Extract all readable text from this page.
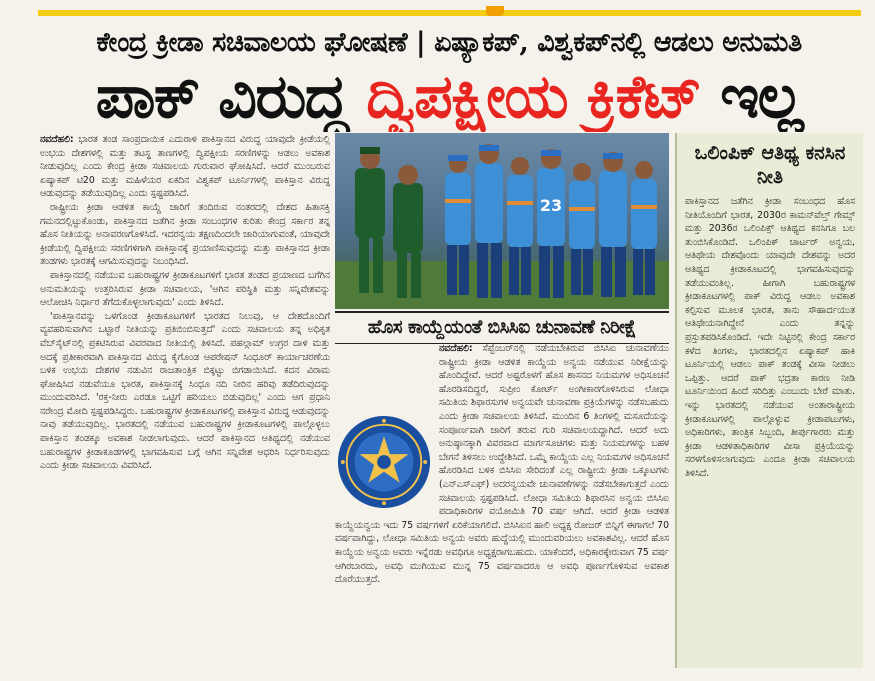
ಕೇಂದ್ರ ಕ್ರೀಡಾ ಸಚಿವಾಲಯ ಘೋಷಣೆ | ಏಷ್ಯಾಕಪ್, ವಿಶ್ವಕಪ್‌ನಲ್ಲಿ ಆಡಲು ಅನುಮತಿ
ಪಾಕ್ ವಿರುದ್ಧ ದ್ವಿಪಕ್ಷೀಯ ಕ್ರಿಕೆಟ್ ಇಲ್ಲ

ನವದೆಹಲಿ: ಭಾರತ ತಂಡ ಸಾಂಪ್ರದಾಯಿಕ ಎದುರಾಳಿ ಪಾಕಿಸ್ತಾನದ ವಿರುದ್ಧ ಯಾವುದೇ ಕ್ರೀಡೆಯಲ್ಲಿ ಉಭಯ ದೇಶಗಳಲ್ಲಿ ಮತ್ತು ತಟಸ್ಥ ತಾಣಗಳಲ್ಲಿ ದ್ವಿಪಕ್ಷೀಯ ಸರಣಿಗಳನ್ನು ಆಡಲು ಅವಕಾಶ ನೀಡುವುದಿಲ್ಲ ಎಂದು ಕೇಂದ್ರ ಕ್ರೀಡಾ ಸಚಿವಾಲಯ ಗುರುವಾರ ಘೋಷಿಸಿದೆ. ಆದರೆ ಮುಂಬರುವ ಏಷ್ಯಾಕಪ್ ಟಿ20 ಮತ್ತು ಮಹಿಳೆಯರ ಏಕದಿನ ವಿಶ್ವಕಪ್ ಟೂರ್ನಿಗಳಲ್ಲಿ ಪಾಕಿಸ್ತಾನ ವಿರುದ್ಧ ಆಡುವುದನ್ನು ತಡೆಯುವುದಿಲ್ಲ ಎಂದು ಸ್ಪಷ್ಟಪಡಿಸಿದೆ.

ರಾಷ್ಟ್ರೀಯ ಕ್ರೀಡಾ ಆಡಳಿತ ಕಾಯ್ದೆ ಜಾರಿಗೆ ತಂದಿರುವ ನಂತರದಲ್ಲಿ ದೇಶದ ಹಿತಾಸಕ್ತಿ ಗಮನದಲ್ಲಿಟ್ಟುಕೊಂಡು, ಪಾಕಿಸ್ತಾನದ ಜತೆಗಿನ ಕ್ರೀಡಾ ಸಂಬಂಧಗಳ ಕುರಿತು ಕೇಂದ್ರ ಸರ್ಕಾರ ತನ್ನ ಹೊಸ ನೀತಿಯನ್ನು ಅನಾವರಣಗೊಳಿಸಿದೆ. ಇದರನ್ವಯ ತಕ್ಷಣದಿಂದಲೇ ಜಾರಿಯಾಗುವಂತೆ, ಯಾವುದೇ ಕ್ರೀಡೆಯಲ್ಲಿ ದ್ವಿಪಕ್ಷೀಯ ಸರಣಿಗಳಿಗಾಗಿ ಪಾಕಿಸ್ತಾನಕ್ಕೆ ಪ್ರಯಾಣಿಸುವುದನ್ನು ಮತ್ತು ಪಾಕಿಸ್ತಾನದ ಕ್ರೀಡಾ ತಂಡಗಳು ಭಾರತಕ್ಕೆ ಆಗಮಿಸುವುದನ್ನು ನಿಬಂಧಿಸಿದೆ.

ಪಾಕಿಸ್ತಾನದಲ್ಲಿ ನಡೆಯುವ ಬಹುರಾಷ್ಟ್ರಗಳ ಕ್ರೀಡಾಕೂಟಗಳಿಗೆ ಭಾರತ ತಂಡದ ಪ್ರಯಾಣದ ಬಗೆಗಿನ ಅನುಮತಿಯನ್ನು ಉತ್ತರಿಸಿರುವ ಕ್ರೀಡಾ ಸಚಿವಾಲಯ, 'ಆಗಿನ ಪರಿಸ್ಥಿತಿ ಮತ್ತು ಸನ್ನಿವೇಶವನ್ನು ಆಲೋಚಿಸಿ ನಿರ್ಧಾರ ತೆಗೆದುಕೊಳ್ಳಲಾಗುವುದು' ಎಂದು ತಿಳಿಸಿದೆ.

'ಪಾಕಿಸ್ತಾನವನ್ನು ಒಳಗೊಂಡ ಕ್ರೀಡಾಕೂಟಗಳಿಗೆ ಭಾರತದ ನಿಲುವು, ಆ ದೇಶದೊಂದಿಗೆ ವ್ಯವಹರಿಸುವಾಗಿನ ಒಟ್ಟಾರೆ ನೀತಿಯನ್ನು ಪ್ರತಿಬಿಂಬಿಸುತ್ತದೆ' ಎಂದು ಸಚಿವಾಲಯ ತನ್ನ ಅಧಿಕೃತ ವೆಬ್‌ಸೈಟ್‌ನಲ್ಲಿ ಪ್ರಕಟಿಸಿರುವ ವಿವರವಾದ ನೀತಿಯಲ್ಲಿ ತಿಳಿಸಿದೆ. ಪಹಲ್ಗಾಮ್ ಉಗ್ರರ ದಾಳಿ ಮತ್ತು ಅದಕ್ಕೆ ಪ್ರತೀಕಾರವಾಗಿ ಪಾಕಿಸ್ತಾನದ ವಿರುದ್ಧ ಕೈಗೊಂಡ ಆಪರೇಷನ್ ಸಿಂಧೂರ್ ಕಾರ್ಯಾಚರಣೆಯ ಬಳಿಕ ಉಭಯ ದೇಶಗಳ ನಡುವಿನ ರಾಜತಾಂತ್ರಿಕ ಬಿಕ್ಕಟ್ಟು ಬಿಗಡಾಯಿಸಿದೆ. ಕದನ ವಿರಾಮ ಘೋಷಿಸಿದ ನಡುವೆಯೂ ಭಾರತ, ಪಾಕಿಸ್ತಾನಕ್ಕೆ ಸಿಂಧೂ ನದಿ ನೀರಿನ ಹರಿವು ತಡೆದಿರುವುದನ್ನು ಮುಂದುವರಿಸಿದೆ. 'ರಕ್ತ-ನೀರು ಎರಡೂ ಒಟ್ಟಿಗೆ ಹರಿಯಲು ಬಿಡುವುದಿಲ್ಲ' ಎಂದು ಆಗ ಪ್ರಧಾನಿ ನರೇಂದ್ರ ಮೋದಿ ಸ್ಪಷ್ಟಪಡಿಸಿದ್ದರು. ಬಹುರಾಷ್ಟ್ರಗಳ ಕ್ರೀಡಾಕೂಟಗಳಲ್ಲಿ ಪಾಕಿಸ್ತಾನ ವಿರುದ್ಧ ಆಡುವುದನ್ನು ನಾವು ತಡೆಯುವುದಿಲ್ಲ. ಭಾರತದಲ್ಲಿ ನಡೆಯುವ ಬಹುರಾಷ್ಟ್ರಗಳ ಕ್ರೀಡಾಕೂಟಗಳಲ್ಲಿ ಪಾಲ್ಗೊಳ್ಳಲು ಪಾಕಿಸ್ತಾನ ತಂಡಕ್ಕೂ ಅವಕಾಶ ನೀಡಲಾಗುವುದು. ಆದರೆ ಪಾಕಿಸ್ತಾನದ ಆತಿಥ್ಯದಲ್ಲಿ ನಡೆಯುವ ಬಹುರಾಷ್ಟ್ರಗಳ ಕ್ರೀಡಾಕೂಡಗಳಲ್ಲಿ ಭಾಗವಹಿಸುವ ಬಗ್ಗೆ ಆಗಿನ ಸನ್ನಿವೇಶ ಆಧರಿಸಿ ನಿರ್ಧರಿಸುವುದು ಎಂದು ಕ್ರೀಡಾ ಸಚಿವಾಲಯ ವಿವರಿಸಿದೆ.

23
ಹೊಸ ಕಾಯ್ದೆಯಂತೆ ಬಿಸಿಸಿಐ ಚುನಾವಣೆ ನಿರೀಕ್ಷೆ

ನವದೆಹಲಿ: ಸೆಪ್ಟೆಂಬರ್‌ನಲ್ಲಿ ನಡೆಯಬೇಕಿರುವ ಬಿಸಿಸಿಐ ಚುನಾವಣೆಯು ರಾಷ್ಟ್ರೀಯ ಕ್ರೀಡಾ ಆಡಳಿತ ಕಾಯ್ದೆಯ ಅನ್ವಯ ನಡೆಯುವ ನಿರೀಕ್ಷೆಯನ್ನು ಹೊಂದಿದ್ದೇವೆ. ಆದರೆ ಅಷ್ಟರೊಳಗೆ ಹೊಸ ಶಾಸನದ ನಿಯಮಗಳ ಅಧಿಸೂಚನೆ ಹೊರಡಿಸದಿದ್ದರೆ, ಸುಪ್ರೀಂ ಕೋರ್ಟ್ ಅಂಗೀಕಾರಗೊಳಿಸಿರುವ ಲೋಧಾ ಸಮಿತಿಯ ಶಿಫಾರಸುಗಳ ಅನ್ವಯವೇ ಚುನಾವಣಾ ಪ್ರಕ್ರಿಯೆಗಳನ್ನು ನಡೆಸಬಹುದು ಎಂದು ಕ್ರೀಡಾ ಸಚಿವಾಲಯ ತಿಳಿಸಿದೆ. ಮುಂದಿನ 6 ತಿಂಗಳಲ್ಲಿ ಮಸೂದೆಯನ್ನು ಸಂಪೂರ್ಣವಾಗಿ ಜಾರಿಗೆ ತರುವ ಗುರಿ ಸಚಿವಾಲಯದ್ದಾಗಿದೆ. ಆದರೆ ಅದು ಅನುಷ್ಠಾನಕ್ಕಾಗಿ ವಿವರವಾದ ಮಾರ್ಗಸೂಚಿಗಳು ಮತ್ತು ನಿಯಮಗಳನ್ನು ಬಹಳ ಬೇಗನೆ ತಿಳಿಸಲು ಉದ್ದೇಶಿಸಿದೆ. ಒಮ್ಮೆ ಕಾಯ್ದೆಯ ಎಲ್ಲ ನಿಯಮಗಳ ಅಧಿಸೂಚನೆ ಹೊರಡಿಸಿದ ಬಳಿಕ ಬಿಸಿಸಿಐ ಸೇರಿದಂತೆ ಎಲ್ಲ ರಾಷ್ಟ್ರೀಯ ಕ್ರೀಡಾ ಒಕ್ಕೂಟಗಳು (ಎನ್‌ಎಸ್‌ಎಫ್) ಅದರನ್ವಯವೇ ಚುನಾವಣೆಗಳನ್ನು ನಡೆಸಬೇಕಾಗುತ್ತದೆ ಎಂದು ಸಚಿವಾಲಯ ಸ್ಪಷ್ಟಪಡಿಸಿದೆ. ಲೋಧಾ ಸಮಿತಿಯ ಶಿಫಾರಸಿನ ಅನ್ವಯ ಬಿಸಿಸಿಐ ಪದಾಧಿಕಾರಿಗಳ ವಯೋಮಿತಿ 70 ವರ್ಷ ಆಗಿದೆ. ಆದರೆ ಕ್ರೀಡಾ ಆಡಳಿತ ಕಾಯ್ದೆಯನ್ವಯ ಇದು 75 ವರ್ಷಗಳಿಗೆ ಏರಿಕೆಯಾಗಲಿದೆ. ಬಿಸಿಸಿಐನ ಹಾಲಿ ಅಧ್ಯಕ್ಷ ರೋಜರ್ ಬಿನ್ನಿಗೆ ಈಗಾಗಲೆ 70 ವರ್ಷವಾಗಿದ್ದು, ಲೋಧಾ ಸಮಿತಿಯ ಅನ್ವಯ ಅವರು ಹುದ್ದೆಯಲ್ಲಿ ಮುಂದುವರಿಯಲು ಅವಕಾಶವಿಲ್ಲ. ಆದರೆ ಹೊಸ ಕಾಯ್ದೆಯ ಅನ್ವಯ ಅವರು ಇನ್ನೆರಡು ಅವಧಿಗೂ ಅಧ್ಯಕ್ಷರಾಗಬಹುದು. ಯಾಕೆಂದರೆ, ಅಧಿಕಾರಕ್ಕೇರುವಾಗ 75 ವರ್ಷ ಆಗಿರಬಾರದು, ಅವಧಿ ಮುಗಿಯುವ ಮುನ್ನ 75 ವರ್ಷವಾದರೂ ಆ ಅವಧಿ ಪೂರ್ಣಗೊಳಿಸುವ ಅವಕಾಶ ದೊರೆಯುತ್ತದೆ.

ಒಲಿಂಪಿಕ್ ಆತಿಥ್ಯ ಕನಸಿನ ನೀತಿ

ಪಾಕಿಸ್ತಾನದ ಜತೆಗಿನ ಕ್ರೀಡಾ ಸಂಬಂಧದ ಹೊಸ ನೀತಿಯೊಂದಿಗೆ ಭಾರತ, 2030ರ ಕಾಮನ್‌ವೆಲ್ತ್ ಗೇಮ್ಸ್ ಮತ್ತು 2036ರ ಒಲಿಂಪಿಕ್ಸ್ ಆತಿಥ್ಯದ ಕನಸಿಗೂ ಬಲ ತುಂಬಿಸಿಕೊಂಡಿದೆ. ಒಲಿಂಪಿಕ್ ಚಾರ್ಟರ್ ಅನ್ವಯ, ಆತಿಥೇಯ ದೇಶವೊಂದು ಯಾವುದೇ ದೇಶವನ್ನು ಅದರ ಆತಿಥ್ಯದ ಕ್ರೀಡಾಕೂಟದಲ್ಲಿ ಭಾಗವಹಿಸುವುದನ್ನು ತಡೆಯುವಂತಿಲ್ಲ. ಹೀಗಾಗಿ ಬಹುರಾಷ್ಟ್ರಗಳ ಕ್ರೀಡಾಕೂಟಗಳಲ್ಲಿ ಪಾಕ್ ವಿರುದ್ಧ ಆಡಲು ಅವಕಾಶ ಕಲ್ಪಿಸುವ ಮೂಲಕ ಭಾರತ, ತಾನು ಸೌಹಾರ್ದಯುತ ಆತಿಥೇಯನಾಗಿದ್ದೇನೆ ಎಂದು ತನ್ನನ್ನು ಪ್ರಸ್ತುತಪಡಿಸಿಕೊಂಡಿದೆ. ಇದೇ ನಿಟ್ಟಿನಲ್ಲಿ ಕೇಂದ್ರ ಸರ್ಕಾರ ಕಳೆದ ತಿಂಗಳು, ಭಾರತದಲ್ಲಿನ ಏಷ್ಯಾಕಪ್ ಹಾಕಿ ಟೂರ್ನಿಯಲ್ಲಿ ಆಡಲು ಪಾಕ್ ತಂಡಕ್ಕೆ ವೀಸಾ ನೀಡಲು ಒಪ್ಪಿತ್ತು. ಆದರೆ ಪಾಕ್ ಭದ್ರತಾ ಕಾರಣ ನೀಡಿ ಟೂರ್ನಿಯಿಂದ ಹಿಂದೆ ಸರಿದಿತ್ತು ಎಂಬುದು ಬೇರೆ ಮಾತು. ಇನ್ನು ಭಾರತದಲ್ಲಿ ನಡೆಯುವ ಅಂತಾರಾಷ್ಟ್ರೀಯ ಕ್ರೀಡಾಕೂಟಗಳಲ್ಲಿ ಪಾಲ್ಗೊಳ್ಳುವ ಕ್ರೀಡಾಪಟುಗಳು, ಅಧಿಕಾರಿಗಳು, ತಾಂತ್ರಿಕ ಸಿಬ್ಬಂದಿ, ತೀರ್ಪುಗಾರರು ಮತ್ತು ಕ್ರೀಡಾ ಆಡಳಿತಾಧಿಕಾರಿಗಳ ವೀಸಾ ಪ್ರಕ್ರಿಯೆಯನ್ನು ಸರಳಗೊಳಿಸಲಾಗುವುದು ಎಂದೂ ಕ್ರೀಡಾ ಸಚಿವಾಲಯ ತಿಳಿಸಿದೆ.
